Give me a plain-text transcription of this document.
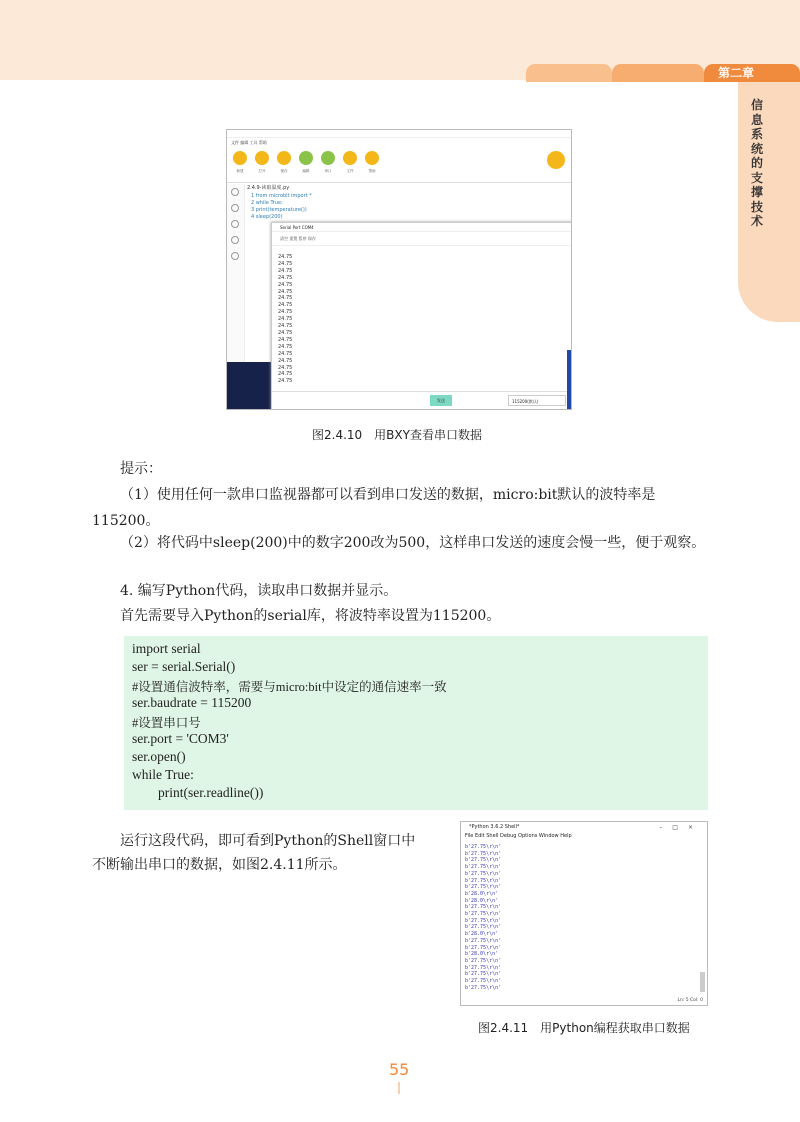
第二章
信息系统的支撑技术
文件 编辑 工具 帮助
新建	打开	保存	编辑	串口	文件	帮助
2.4.9-读取温度.py
1 from microbit import *
2 while True:
3 print(temperature())
4 sleep(200)
Serial Port COM4
清空 重置 暂停 保存
24.75
24.75
24.75
24.75
24.75
24.75
24.75
24.75
24.75
24.75
24.75
24.75
24.75
24.75
24.75
24.75
24.75
24.75
24.75
发送	115200(默认)
图2.4.10　用BXY查看串口数据
提示：
（1）使用任何一款串口监视器都可以看到串口发送的数据，micro:bit默认的波特率是115200。
（2）将代码中sleep(200)中的数字200改为500，这样串口发送的速度会慢一些，便于观察。
4. 编写Python代码，读取串口数据并显示。
首先需要导入Python的serial库，将波特率设置为115200。
import serial
ser = serial.Serial()
#设置通信波特率，需要与micro:bit中设定的通信速率一致
ser.baudrate = 115200
#设置串口号
ser.port = 'COM3'
ser.open()
while True:
print(ser.readline())
运行这段代码，即可看到Python的Shell窗口中
不断输出串口的数据，如图2.4.11所示。
*Python 3.6.2 Shell*	–□×
File Edit Shell Debug Options Window Help
b'27.75\r\n'
b'27.75\r\n'
b'27.75\r\n'
b'27.75\r\n'
b'27.75\r\n'
b'27.75\r\n'
b'27.75\r\n'
b'28.0\r\n'
b'28.0\r\n'
b'27.75\r\n'
b'27.75\r\n'
b'27.75\r\n'
b'27.75\r\n'
b'28.0\r\n'
b'27.75\r\n'
b'27.75\r\n'
b'28.0\r\n'
b'27.75\r\n'
b'27.75\r\n'
b'27.75\r\n'
b'27.75\r\n'
b'27.75\r\n'
Ln: 5 Col: 0
图2.4.11　用Python编程获取串口数据
55
